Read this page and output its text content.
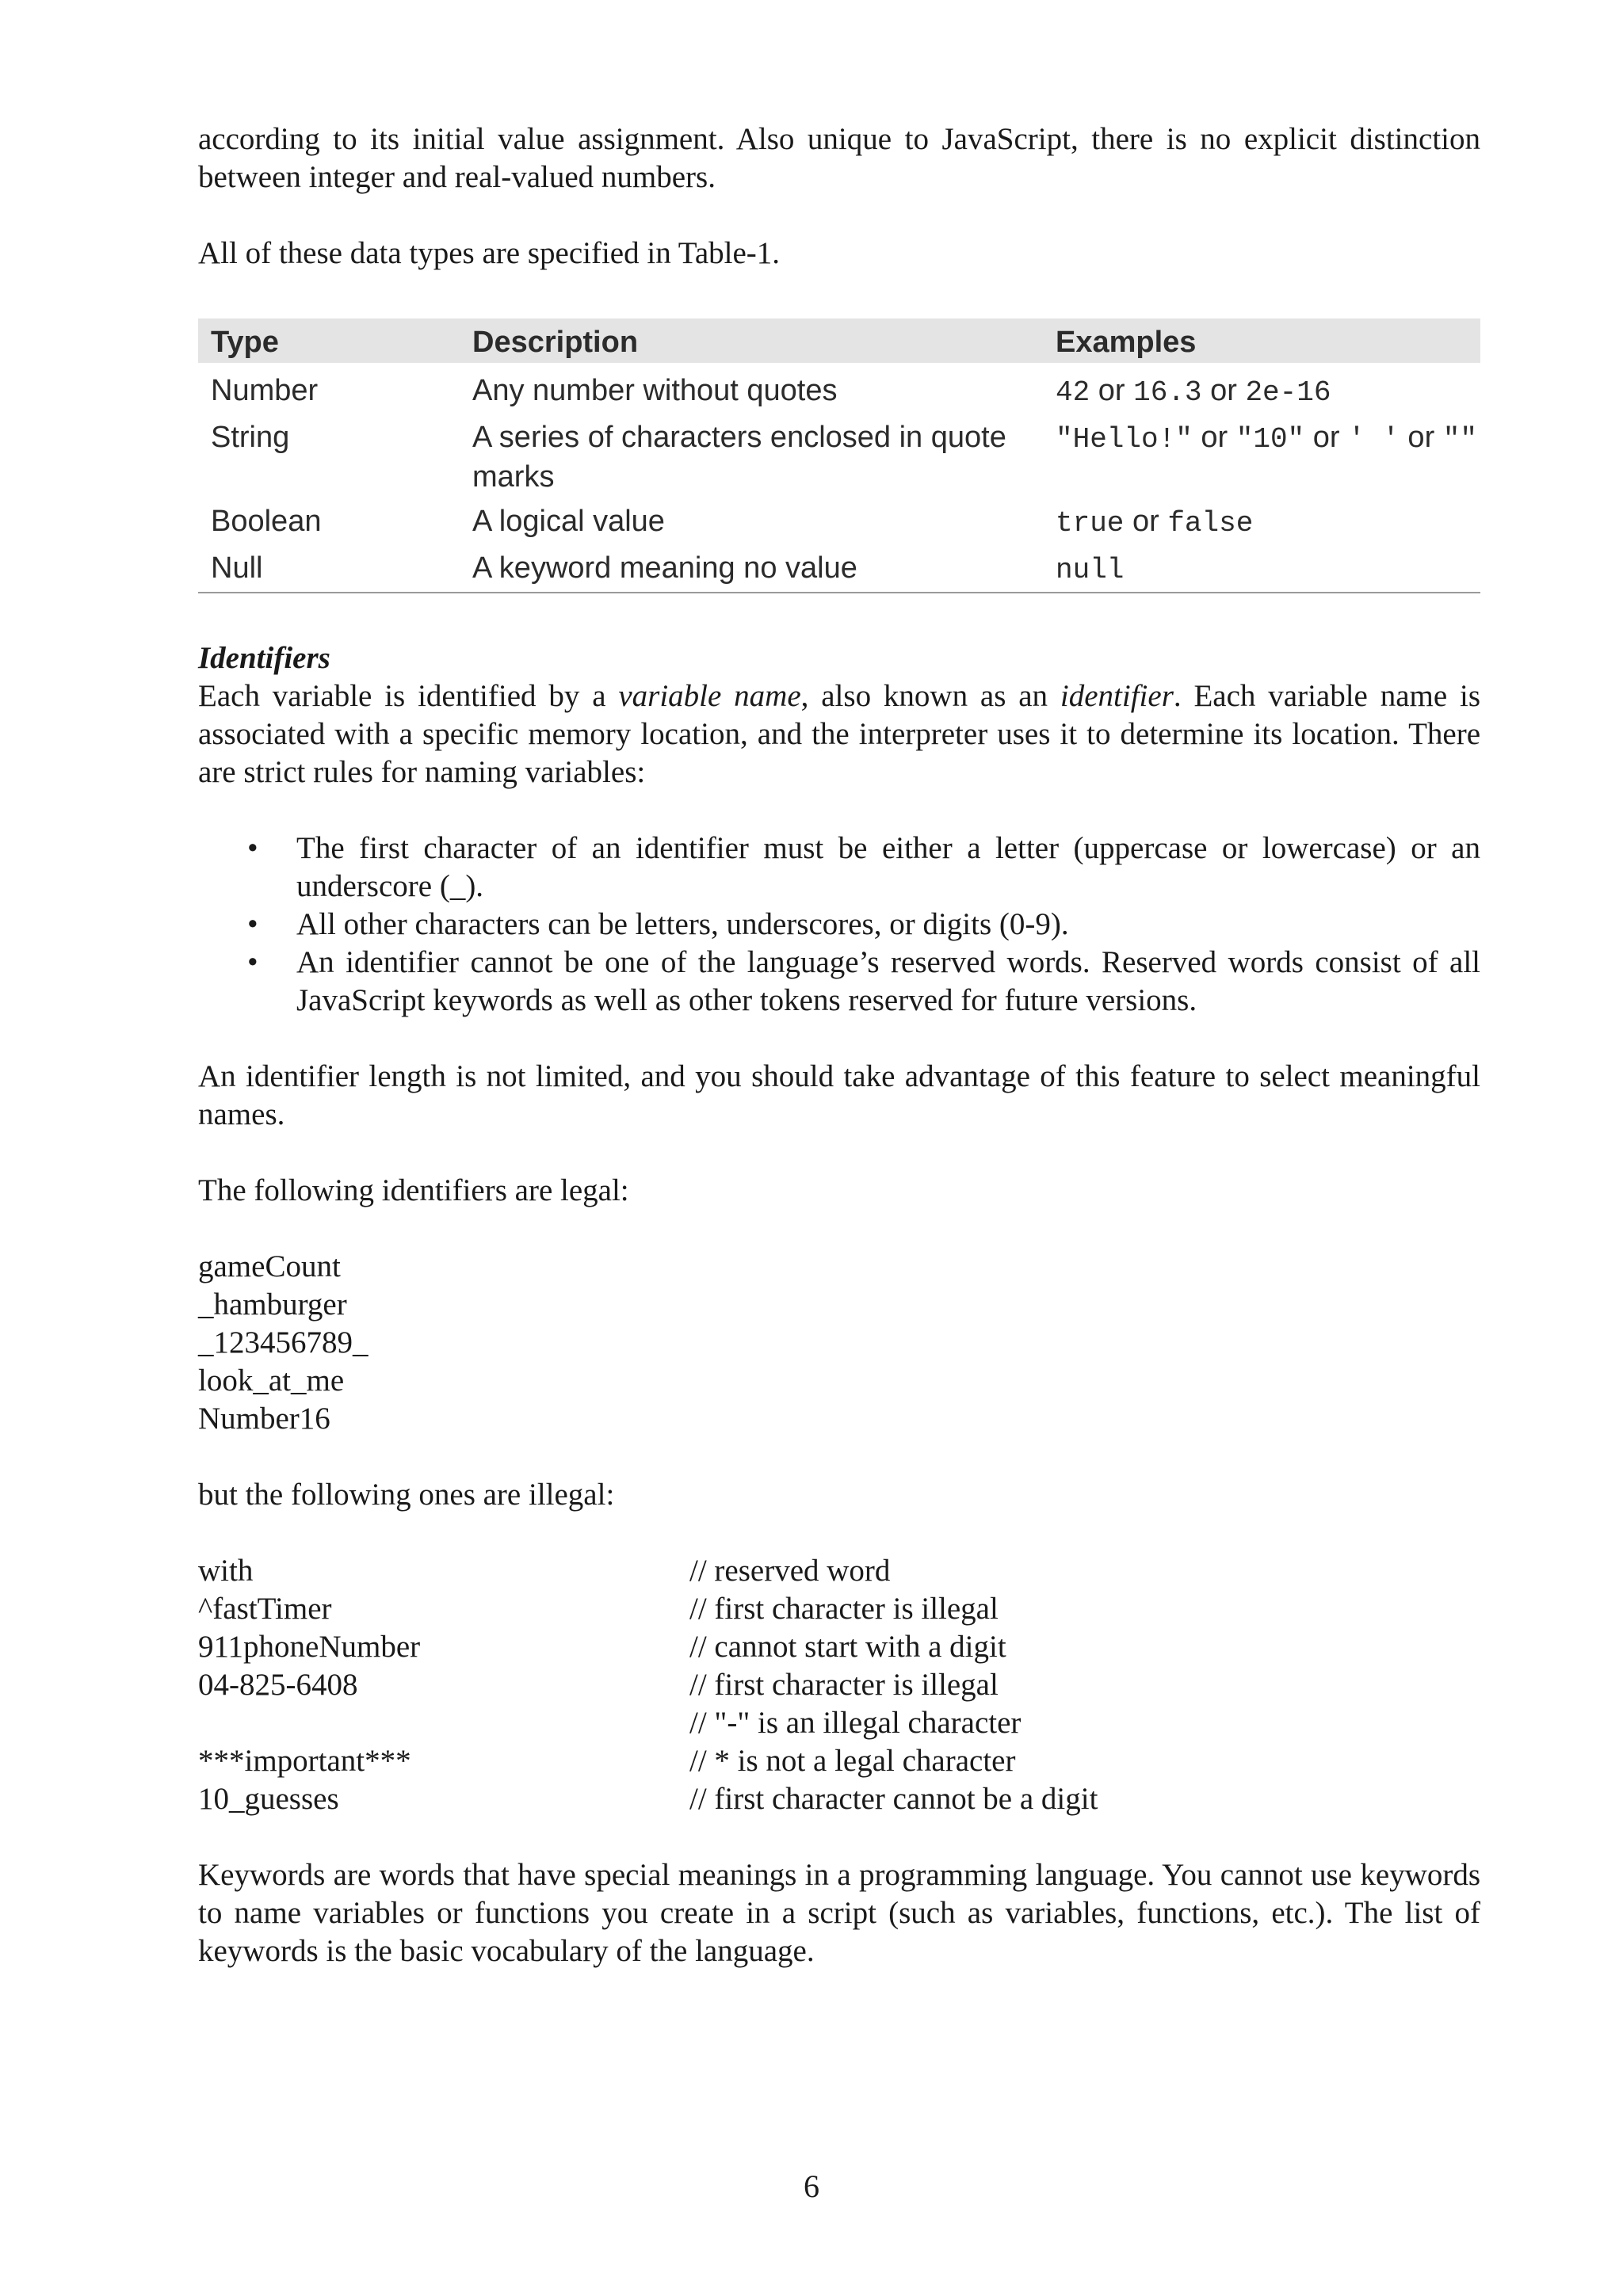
according to its initial value assignment. Also unique to JavaScript, there is no explicit distinction between integer and real-valued numbers.

All of these data types are specified in Table-1.

Type	Description	Examples
Number	Any number without quotes	42 or 16.3 or 2e-16
String	A series of characters enclosed in quote marks	"Hello!" or "10" or ' ' or ""
Boolean	A logical value	true or false
Null	A keyword meaning no value	null

Identifiers

Each variable is identified by a variable name, also known as an identifier. Each variable name is associated with a specific memory location, and the interpreter uses it to determine its location. There are strict rules for naming variables:

• The first character of an identifier must be either a letter (uppercase or lowercase) or an underscore (_).
• All other characters can be letters, underscores, or digits (0-9).
• An identifier cannot be one of the language’s reserved words. Reserved words consist of all JavaScript keywords as well as other tokens reserved for future versions.

An identifier length is not limited, and you should take advantage of this feature to select meaningful names.

The following identifiers are legal:

gameCount
_hamburger
_123456789_
look_at_me
Number16

but the following ones are illegal:

with	// reserved word
^fastTimer	// first character is illegal
911phoneNumber	// cannot start with a digit
04-825-6408	// first character is illegal
// "-" is an illegal character
***important***	// * is not a legal character
10_guesses	// first character cannot be a digit

Keywords are words that have special meanings in a programming language. You cannot use keywords to name variables or functions you create in a script (such as variables, functions, etc.). The list of keywords is the basic vocabulary of the language.

6
